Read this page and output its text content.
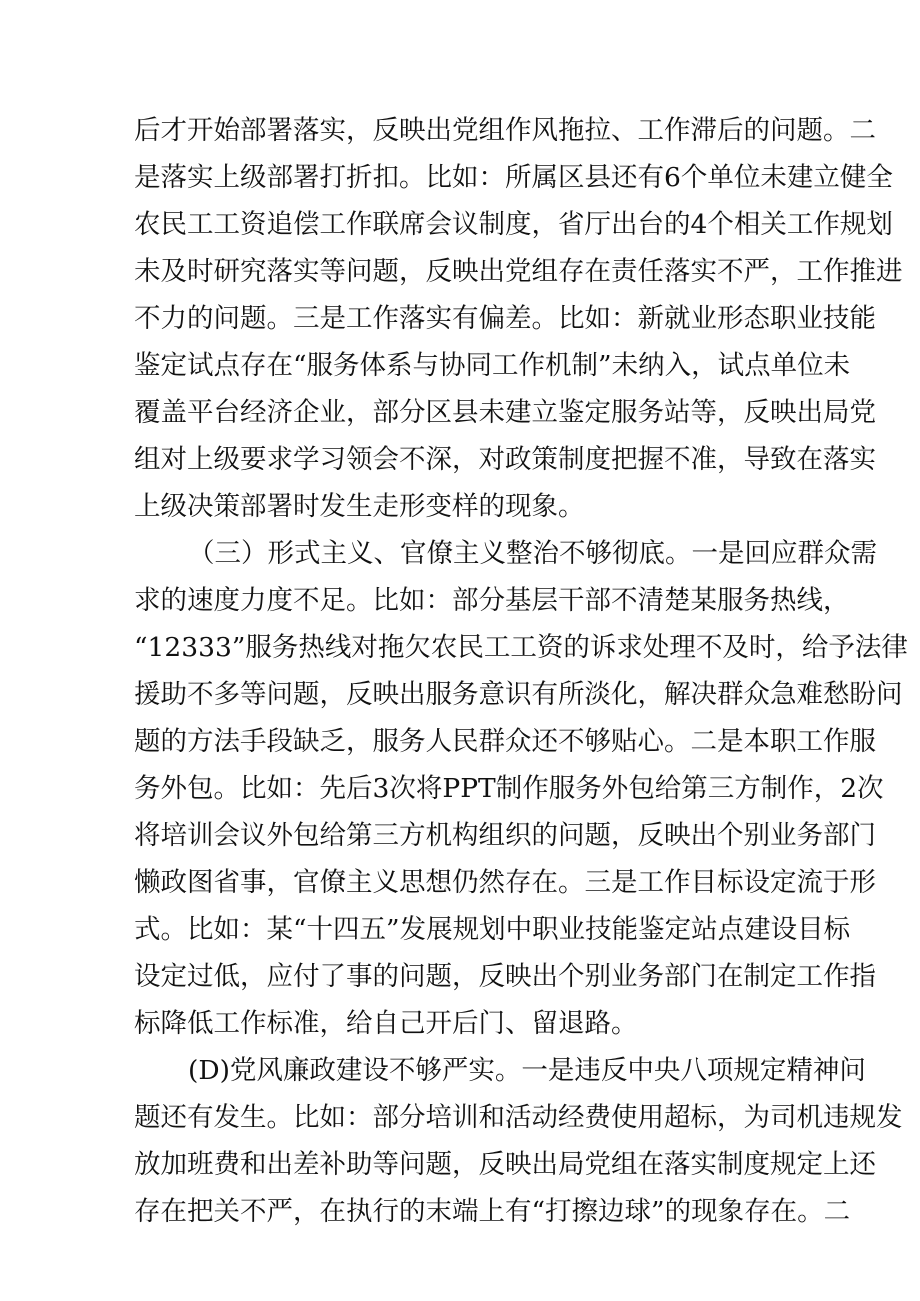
后才开始部署落实，反映出党组作风拖拉、工作滞后的问题。二
是落实上级部署打折扣。比如：所属区县还有6个单位未建立健全
农民工工资追偿工作联席会议制度，省厅出台的4个相关工作规划
未及时研究落实等问题，反映出党组存在责任落实不严，工作推进
不力的问题。三是工作落实有偏差。比如：新就业形态职业技能
鉴定试点存在“服务体系与协同工作机制”未纳入，试点单位未
覆盖平台经济企业，部分区县未建立鉴定服务站等，反映出局党
组对上级要求学习领会不深，对政策制度把握不准，导致在落实
上级决策部署时发生走形变样的现象。
（三）形式主义、官僚主义整治不够彻底。一是回应群众需
求的速度力度不足。比如：部分基层干部不清楚某服务热线，
“12333”服务热线对拖欠农民工工资的诉求处理不及时，给予法律
援助不多等问题，反映出服务意识有所淡化，解决群众急难愁盼问
题的方法手段缺乏，服务人民群众还不够贴心。二是本职工作服
务外包。比如：先后3次将PPT制作服务外包给第三方制作，2次
将培训会议外包给第三方机构组织的问题，反映出个别业务部门
懒政图省事，官僚主义思想仍然存在。三是工作目标设定流于形
式。比如：某“十四五”发展规划中职业技能鉴定站点建设目标
设定过低，应付了事的问题，反映出个别业务部门在制定工作指
标降低工作标准，给自己开后门、留退路。
(D)党风廉政建设不够严实。一是违反中央八项规定精神问
题还有发生。比如：部分培训和活动经费使用超标，为司机违规发
放加班费和出差补助等问题，反映出局党组在落实制度规定上还
存在把关不严，在执行的末端上有“打擦边球”的现象存在。二
